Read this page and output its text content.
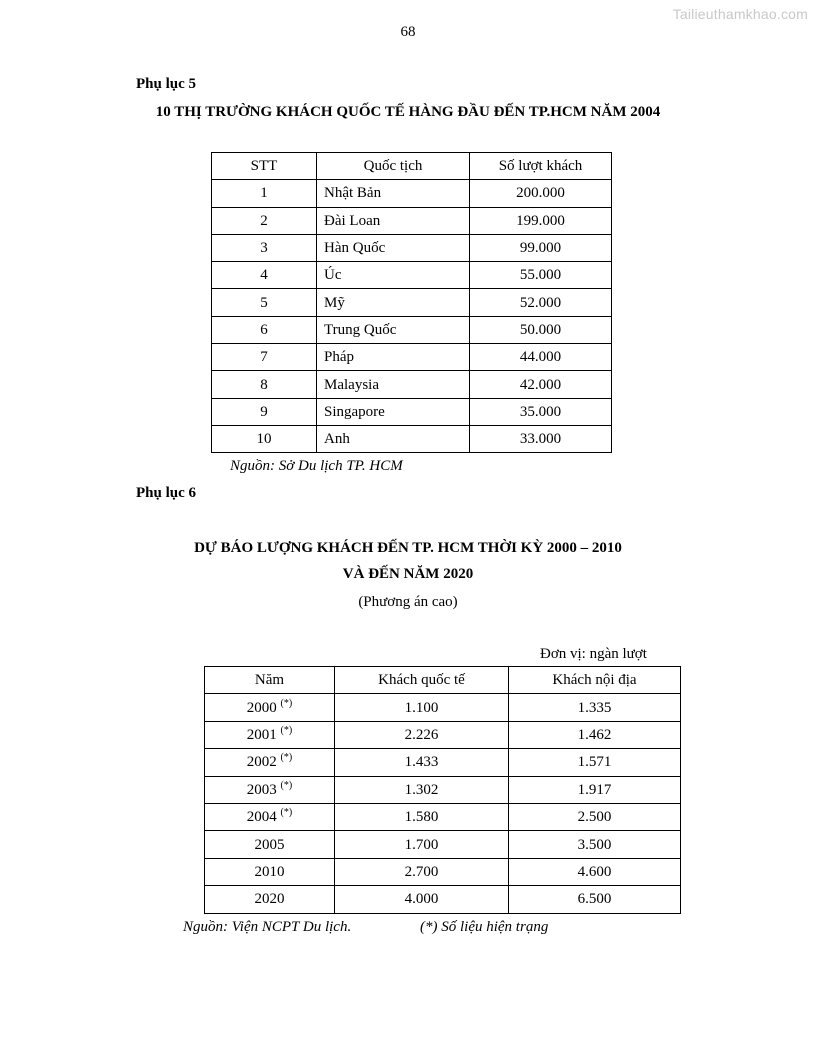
Tailieuthamkhao.com
68
Phụ lục 5
10 THỊ TRƯỜNG KHÁCH QUỐC TẾ HÀNG ĐẦU ĐẾN TP.HCM NĂM 2004
STT	Quốc tịch	Số lượt khách
1	Nhật Bản	200.000
2	Đài Loan	199.000
3	Hàn Quốc	99.000
4	Úc	55.000
5	Mỹ	52.000
6	Trung Quốc	50.000
7	Pháp	44.000
8	Malaysia	42.000
9	Singapore	35.000
10	Anh	33.000
Nguồn: Sở Du lịch TP. HCM
Phụ lục 6
DỰ BÁO LƯỢNG KHÁCH ĐẾN TP. HCM THỜI KỲ 2000 – 2010
VÀ ĐẾN NĂM 2020
(Phương án cao)
Đơn vị: ngàn lượt
Năm	Khách quốc tế	Khách nội địa
2000 (*)	1.100	1.335
2001 (*)	2.226	1.462
2002 (*)	1.433	1.571
2003 (*)	1.302	1.917
2004 (*)	1.580	2.500
2005	1.700	3.500
2010	2.700	4.600
2020	4.000	6.500
Nguồn: Viện NCPT Du lịch.	(*) Số liệu hiện trạng
